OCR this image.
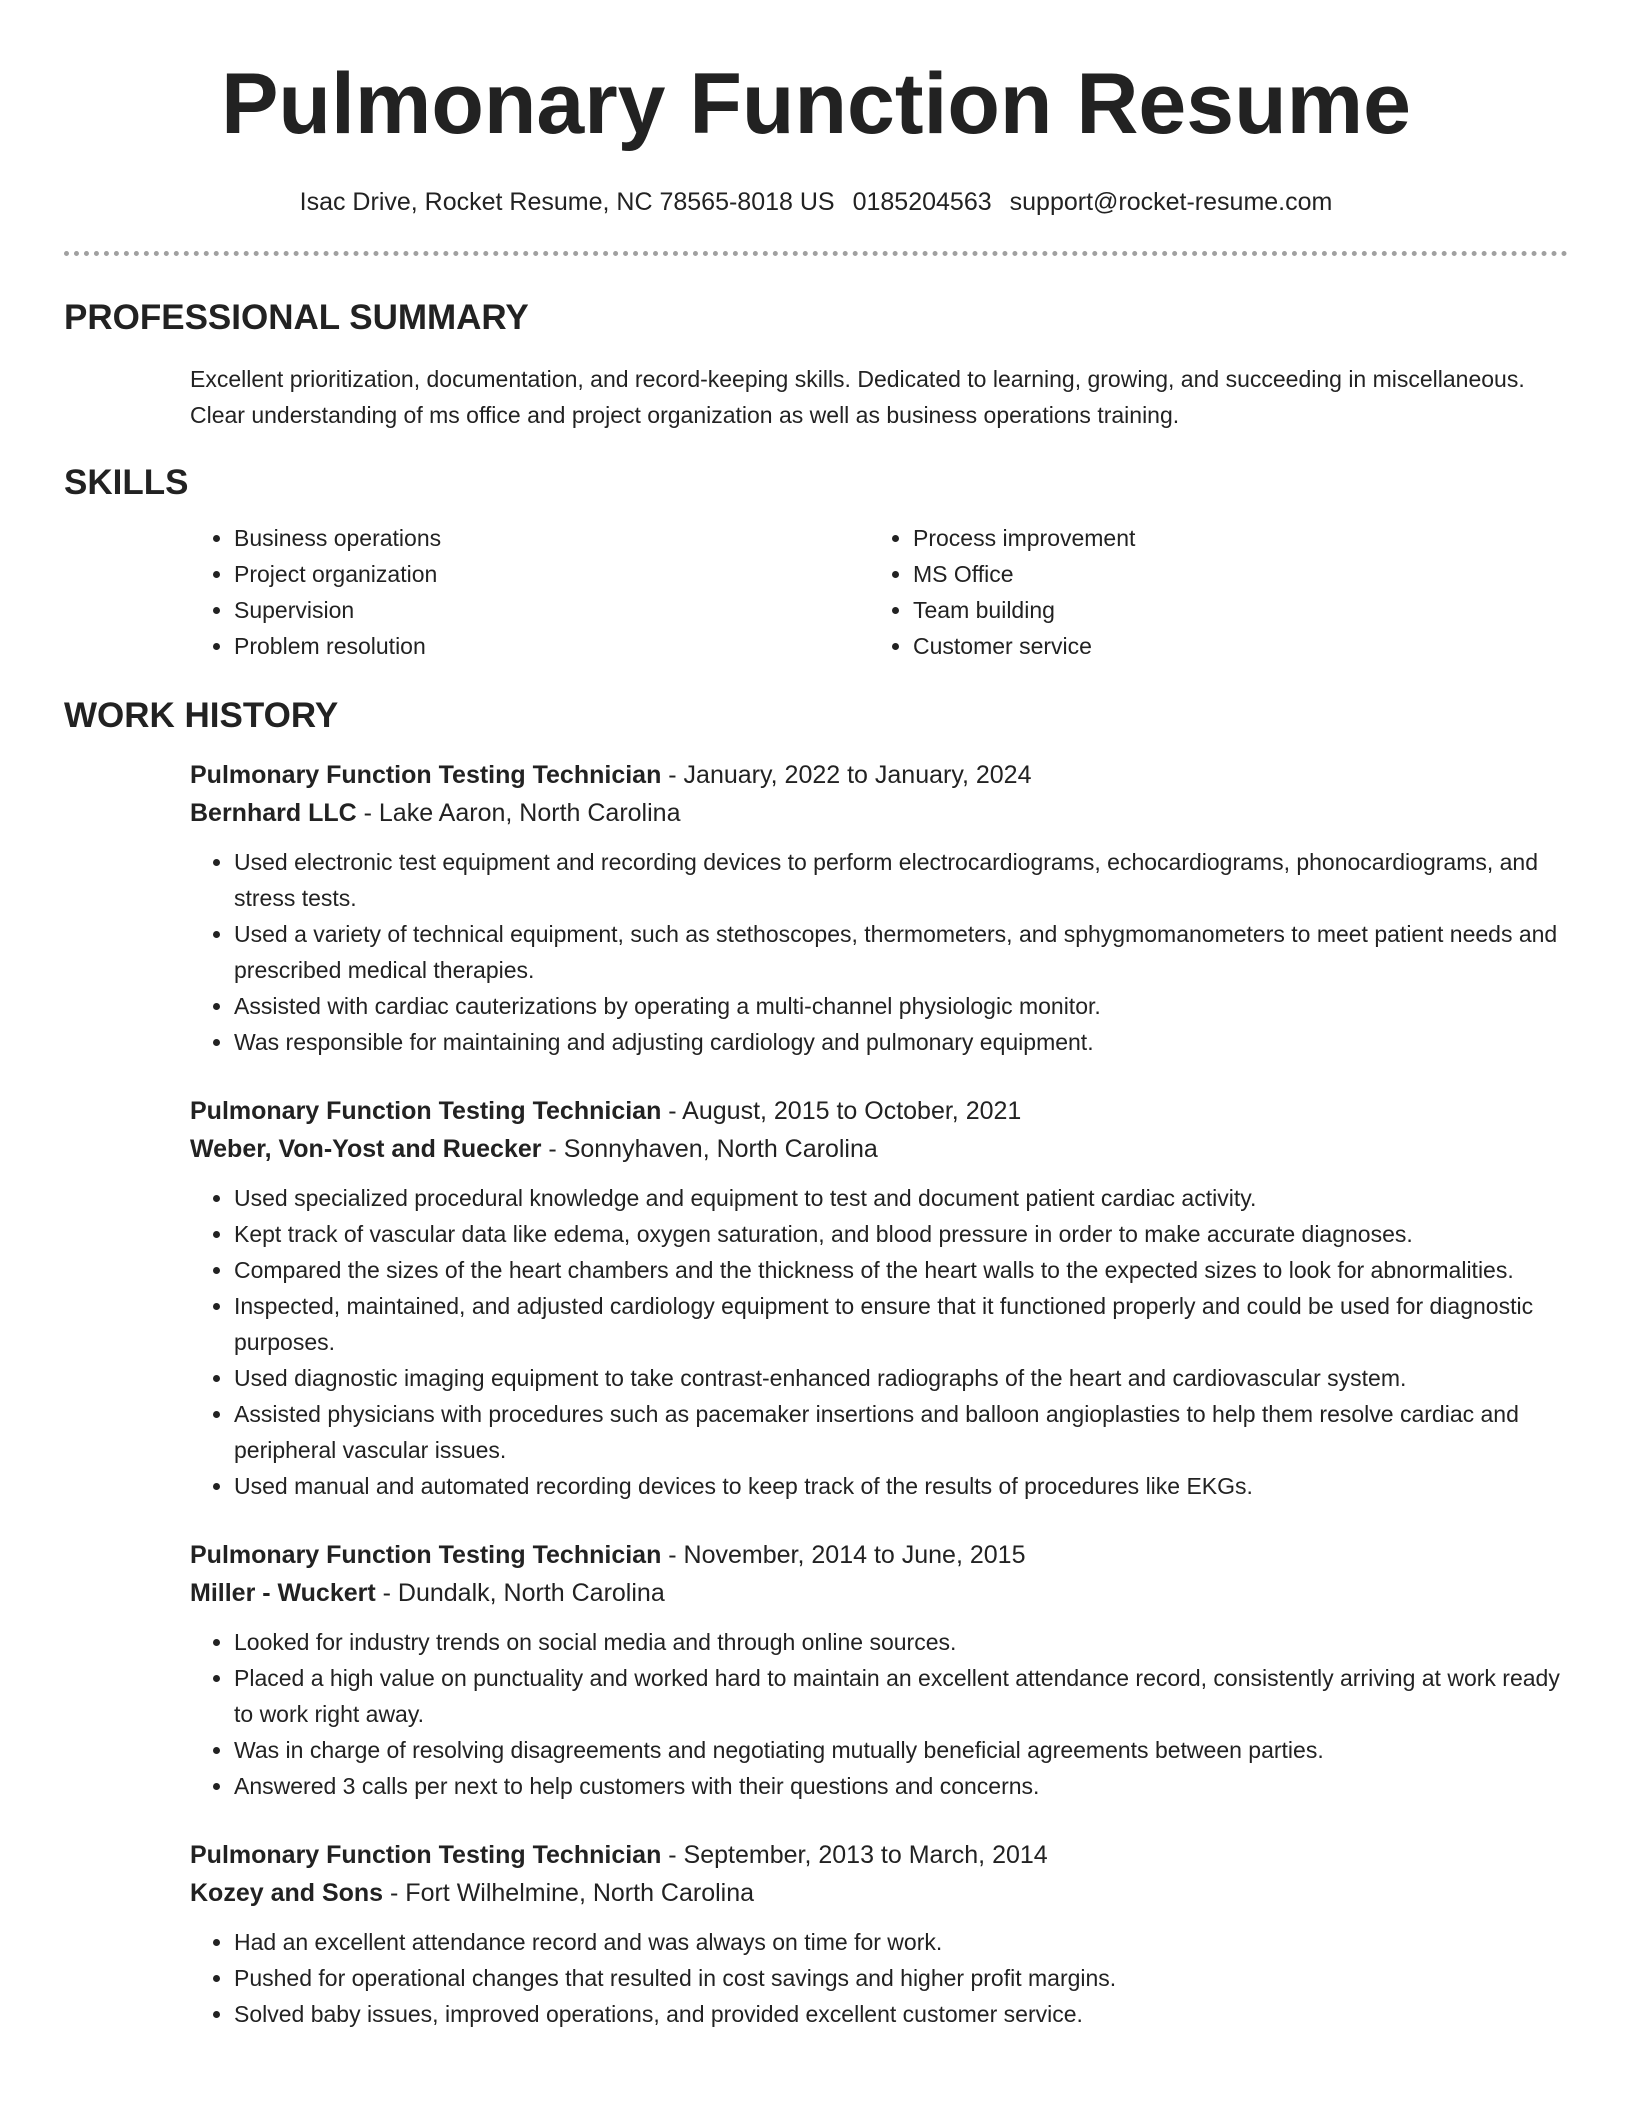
Pulmonary Function Resume
Isac Drive, Rocket Resume, NC 78565-8018 US 0185204563 support@rocket-resume.com
PROFESSIONAL SUMMARY

Excellent prioritization, documentation, and record-keeping skills. Dedicated to learning, growing, and succeeding in miscellaneous. Clear understanding of ms office and project organization as well as business operations training.

SKILLS
• Business operations
• Project organization
• Supervision
• Problem resolution
• Process improvement
• MS Office
• Team building
• Customer service
WORK HISTORY
Pulmonary Function Testing Technician - January, 2022 to January, 2024
Bernhard LLC - Lake Aaron, North Carolina
• Used electronic test equipment and recording devices to perform electrocardiograms, echocardiograms, phonocardiograms, and stress tests.
• Used a variety of technical equipment, such as stethoscopes, thermometers, and sphygmomanometers to meet patient needs and prescribed medical therapies.
• Assisted with cardiac cauterizations by operating a multi-channel physiologic monitor.
• Was responsible for maintaining and adjusting cardiology and pulmonary equipment.
Pulmonary Function Testing Technician - August, 2015 to October, 2021
Weber, Von-Yost and Ruecker - Sonnyhaven, North Carolina
• Used specialized procedural knowledge and equipment to test and document patient cardiac activity.
• Kept track of vascular data like edema, oxygen saturation, and blood pressure in order to make accurate diagnoses.
• Compared the sizes of the heart chambers and the thickness of the heart walls to the expected sizes to look for abnormalities.
• Inspected, maintained, and adjusted cardiology equipment to ensure that it functioned properly and could be used for diagnostic purposes.
• Used diagnostic imaging equipment to take contrast-enhanced radiographs of the heart and cardiovascular system.
• Assisted physicians with procedures such as pacemaker insertions and balloon angioplasties to help them resolve cardiac and peripheral vascular issues.
• Used manual and automated recording devices to keep track of the results of procedures like EKGs.
Pulmonary Function Testing Technician - November, 2014 to June, 2015
Miller - Wuckert - Dundalk, North Carolina
• Looked for industry trends on social media and through online sources.
• Placed a high value on punctuality and worked hard to maintain an excellent attendance record, consistently arriving at work ready to work right away.
• Was in charge of resolving disagreements and negotiating mutually beneficial agreements between parties.
• Answered 3 calls per next to help customers with their questions and concerns.
Pulmonary Function Testing Technician - September, 2013 to March, 2014
Kozey and Sons - Fort Wilhelmine, North Carolina
• Had an excellent attendance record and was always on time for work.
• Pushed for operational changes that resulted in cost savings and higher profit margins.
• Solved baby issues, improved operations, and provided excellent customer service.
